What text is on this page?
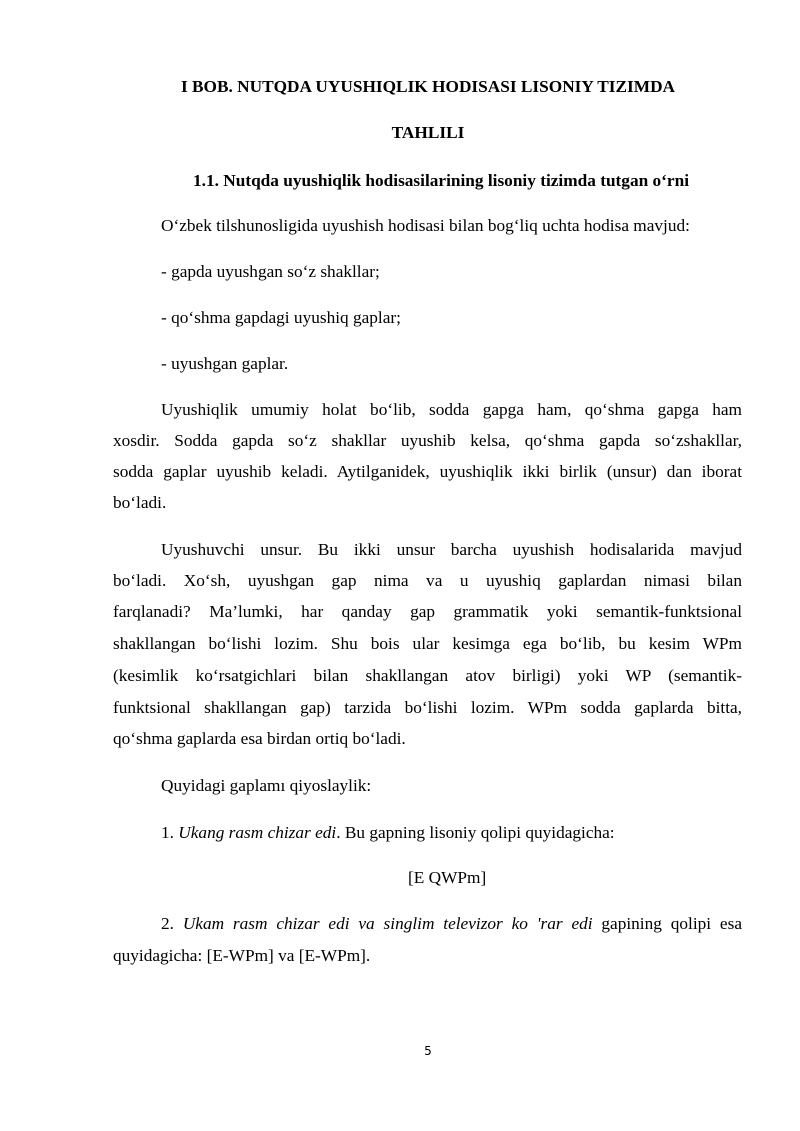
I BOB. NUTQDA UYUSHIQLIK HODISASI LISONIY TIZIMDA
TAHLILI
1.1. Nutqda uyushiqlik hodisasilarining lisoniy tizimda tutgan o‘rni
O‘zbek tilshunosligida uyushish hodisasi bilan bog‘liq uchta hodisa mavjud:
- gapda uyushgan so‘z shakllar;
- qo‘shma gapdagi uyushiq gaplar;
- uyushgan gaplar.
Uyushiqlik umumiy holat bo‘lib, sodda gapga ham, qo‘shma gapga ham
xosdir. Sodda gapda so‘z shakllar uyushib kelsa, qo‘shma gapda so‘zshakllar,
sodda gaplar uyushib keladi. Aytilganidek, uyushiqlik ikki birlik (unsur) dan iborat
bo‘ladi.
Uyushuvchi unsur. Bu ikki unsur barcha uyushish hodisalarida mavjud
bo‘ladi. Xo‘sh, uyushgan gap nima va u uyushiq gaplardan nimasi bilan
farqlanadi? Ma’lumki, har qanday gap grammatik yoki semantik-funktsional
shakllangan bo‘lishi lozim. Shu bois ular kesimga ega bo‘lib, bu kesim WPm
(kesimlik ko‘rsatgichlari bilan shakllangan atov birligi) yoki WP (semantik-
funktsional shakllangan gap) tarzida bo‘lishi lozim. WPm sodda gaplarda bitta,
qo‘shma gaplarda esa birdan ortiq bo‘ladi.
Quyidagi gaplamı qiyoslaylik:
1. Ukang rasm chizar edi. Bu gapning lisoniy qolipi quyidagicha:
[E QWPm]
2. Ukam rasm chizar edi va singlim televizor ko 'rar edi gapining qolipi esa
quyidagicha: [E-WPm] va [E-WPm].
5
